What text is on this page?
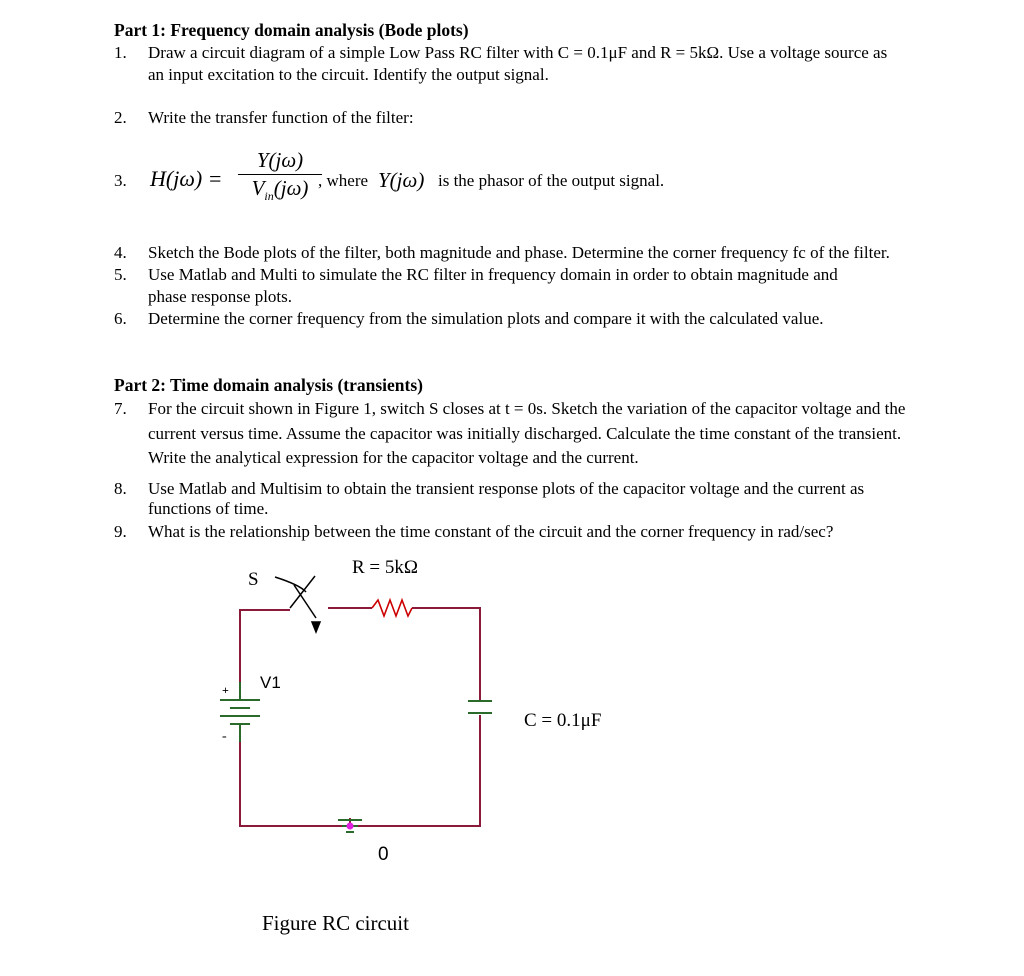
Part 1: Frequency domain analysis (Bode plots)
1. Draw a circuit diagram of a simple Low Pass RC filter with C = 0.1μF and R = 5kΩ. Use a voltage source as
an input excitation to the circuit. Identify the output signal.
2. Write the transfer function of the filter:
3. H(jω) =
Y(jω)
$V_{in}(j\omega)$ , where Y(jω) is the phasor of the output signal.
4. Sketch the Bode plots of the filter, both magnitude and phase. Determine the corner frequency fc of the filter.
5. Use Matlab and Multi to simulate the RC filter in frequency domain in order to obtain magnitude and
phase response plots.
6. Determine the corner frequency from the simulation plots and compare it with the calculated value.
Part 2: Time domain analysis (transients)
7. For the circuit shown in Figure 1, switch S closes at t = 0s. Sketch the variation of the capacitor voltage and the
current versus time. Assume the capacitor was initially discharged. Calculate the time constant of the transient.
Write the analytical expression for the capacitor voltage and the current.
8. Use Matlab and Multisim to obtain the transient response plots of the capacitor voltage and the current as
functions of time.
9. What is the relationship between the time constant of the circuit and the corner frequency in rad/sec?
S
R = 5kΩ
V1
+
-
C = 0.1μF
0
Figure RC circuit
